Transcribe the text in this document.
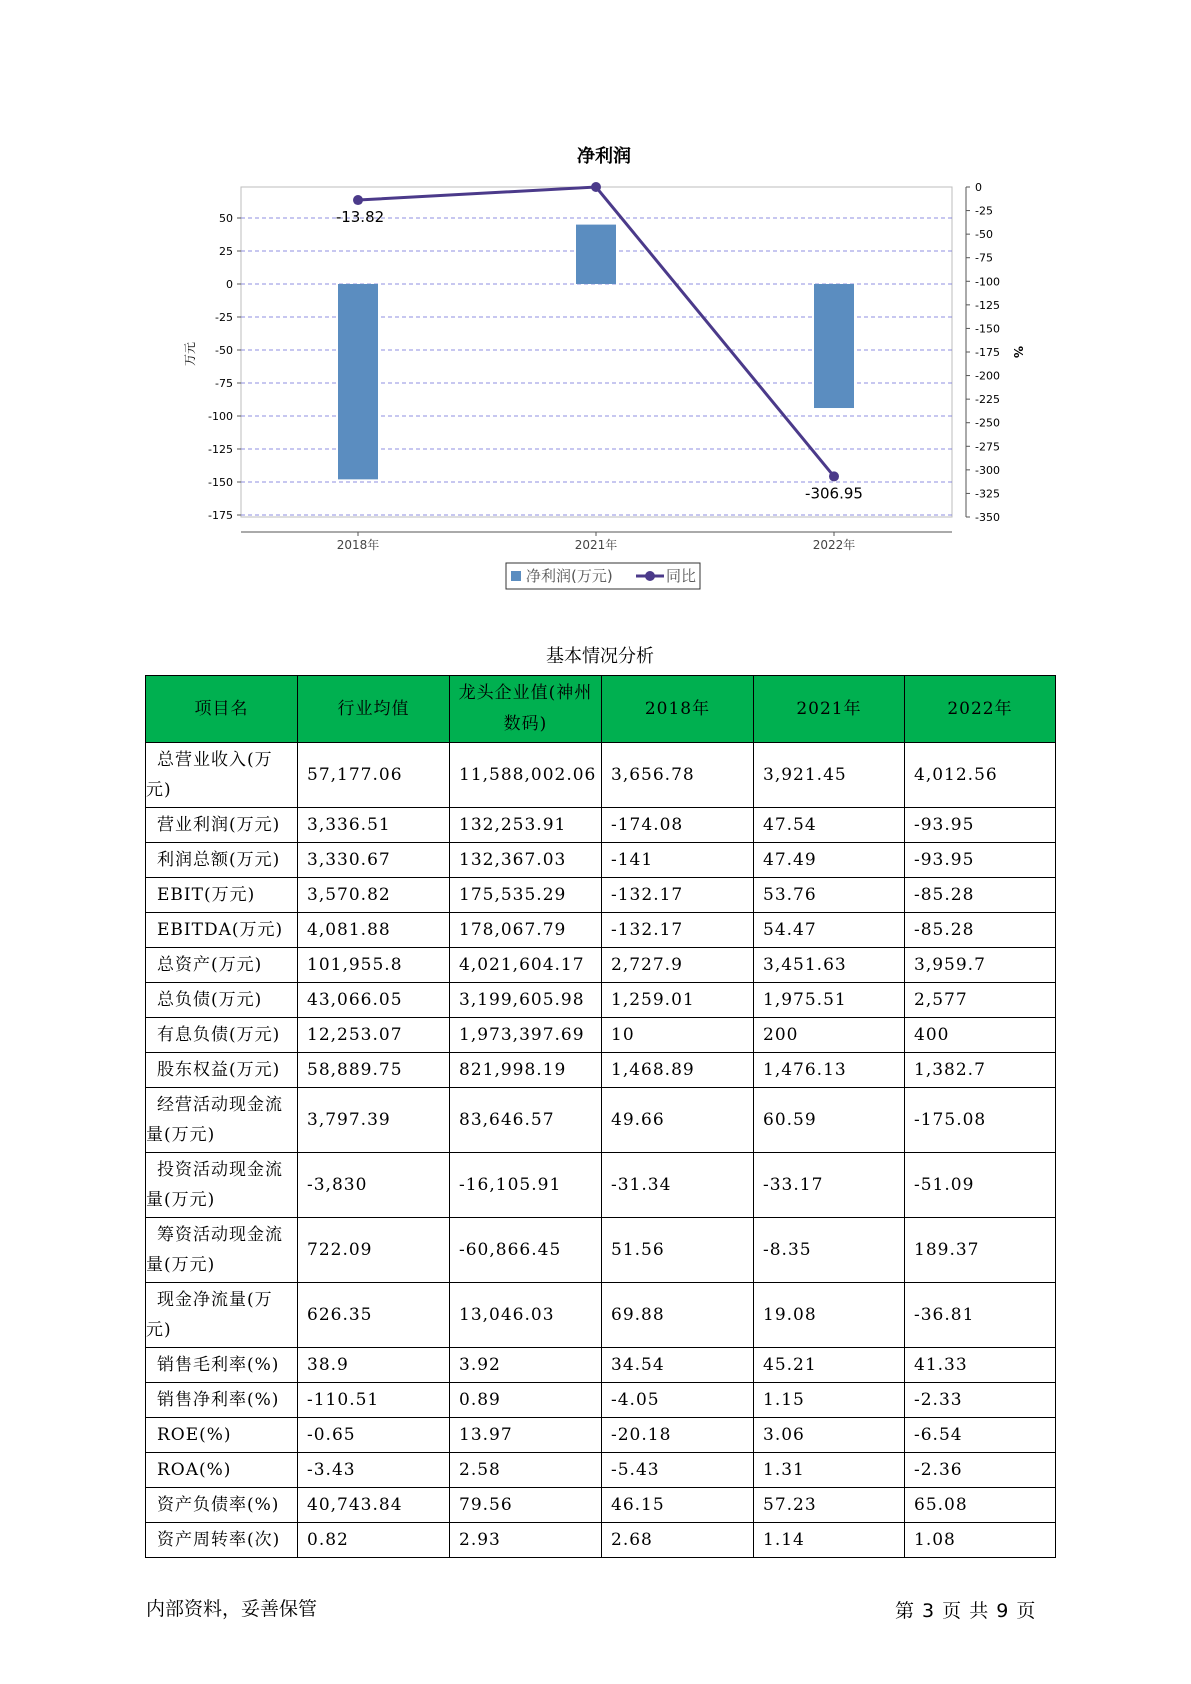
净利润
50
25
0
-25
-50
-75
-100
-125
-150
-175
万元
0
-25
-50
-75
-100
-125
-150
-175
-200
-225
-250
-275
-300
-325
-350
%
2018年	2021年	2022年
-13.82
-306.95
净利润(万元)	同比
基本情况分析
项目名	行业均值	龙头企业值(神州数码)	2018年	2021年	2022年
总营业收入(万元)	57,177.06	11,588,002.06	3,656.78	3,921.45	4,012.56
营业利润(万元)	3,336.51	132,253.91	-174.08	47.54	-93.95
利润总额(万元)	3,330.67	132,367.03	-141	47.49	-93.95
EBIT(万元)	3,570.82	175,535.29	-132.17	53.76	-85.28
EBITDA(万元)	4,081.88	178,067.79	-132.17	54.47	-85.28
总资产(万元)	101,955.8	4,021,604.17	2,727.9	3,451.63	3,959.7
总负债(万元)	43,066.05	3,199,605.98	1,259.01	1,975.51	2,577
有息负债(万元)	12,253.07	1,973,397.69	10	200	400
股东权益(万元)	58,889.75	821,998.19	1,468.89	1,476.13	1,382.7
经营活动现金流量(万元)	3,797.39	83,646.57	49.66	60.59	-175.08
投资活动现金流量(万元)	-3,830	-16,105.91	-31.34	-33.17	-51.09
筹资活动现金流量(万元)	722.09	-60,866.45	51.56	-8.35	189.37
现金净流量(万元)	626.35	13,046.03	69.88	19.08	-36.81
销售毛利率(%)	38.9	3.92	34.54	45.21	41.33
销售净利率(%)	-110.51	0.89	-4.05	1.15	-2.33
ROE(%)	-0.65	13.97	-20.18	3.06	-6.54
ROA(%)	-3.43	2.58	-5.43	1.31	-2.36
资产负债率(%)	40,743.84	79.56	46.15	57.23	65.08
资产周转率(次)	0.82	2.93	2.68	1.14	1.08
内部资料，妥善保管	第 3 页 共 9 页
